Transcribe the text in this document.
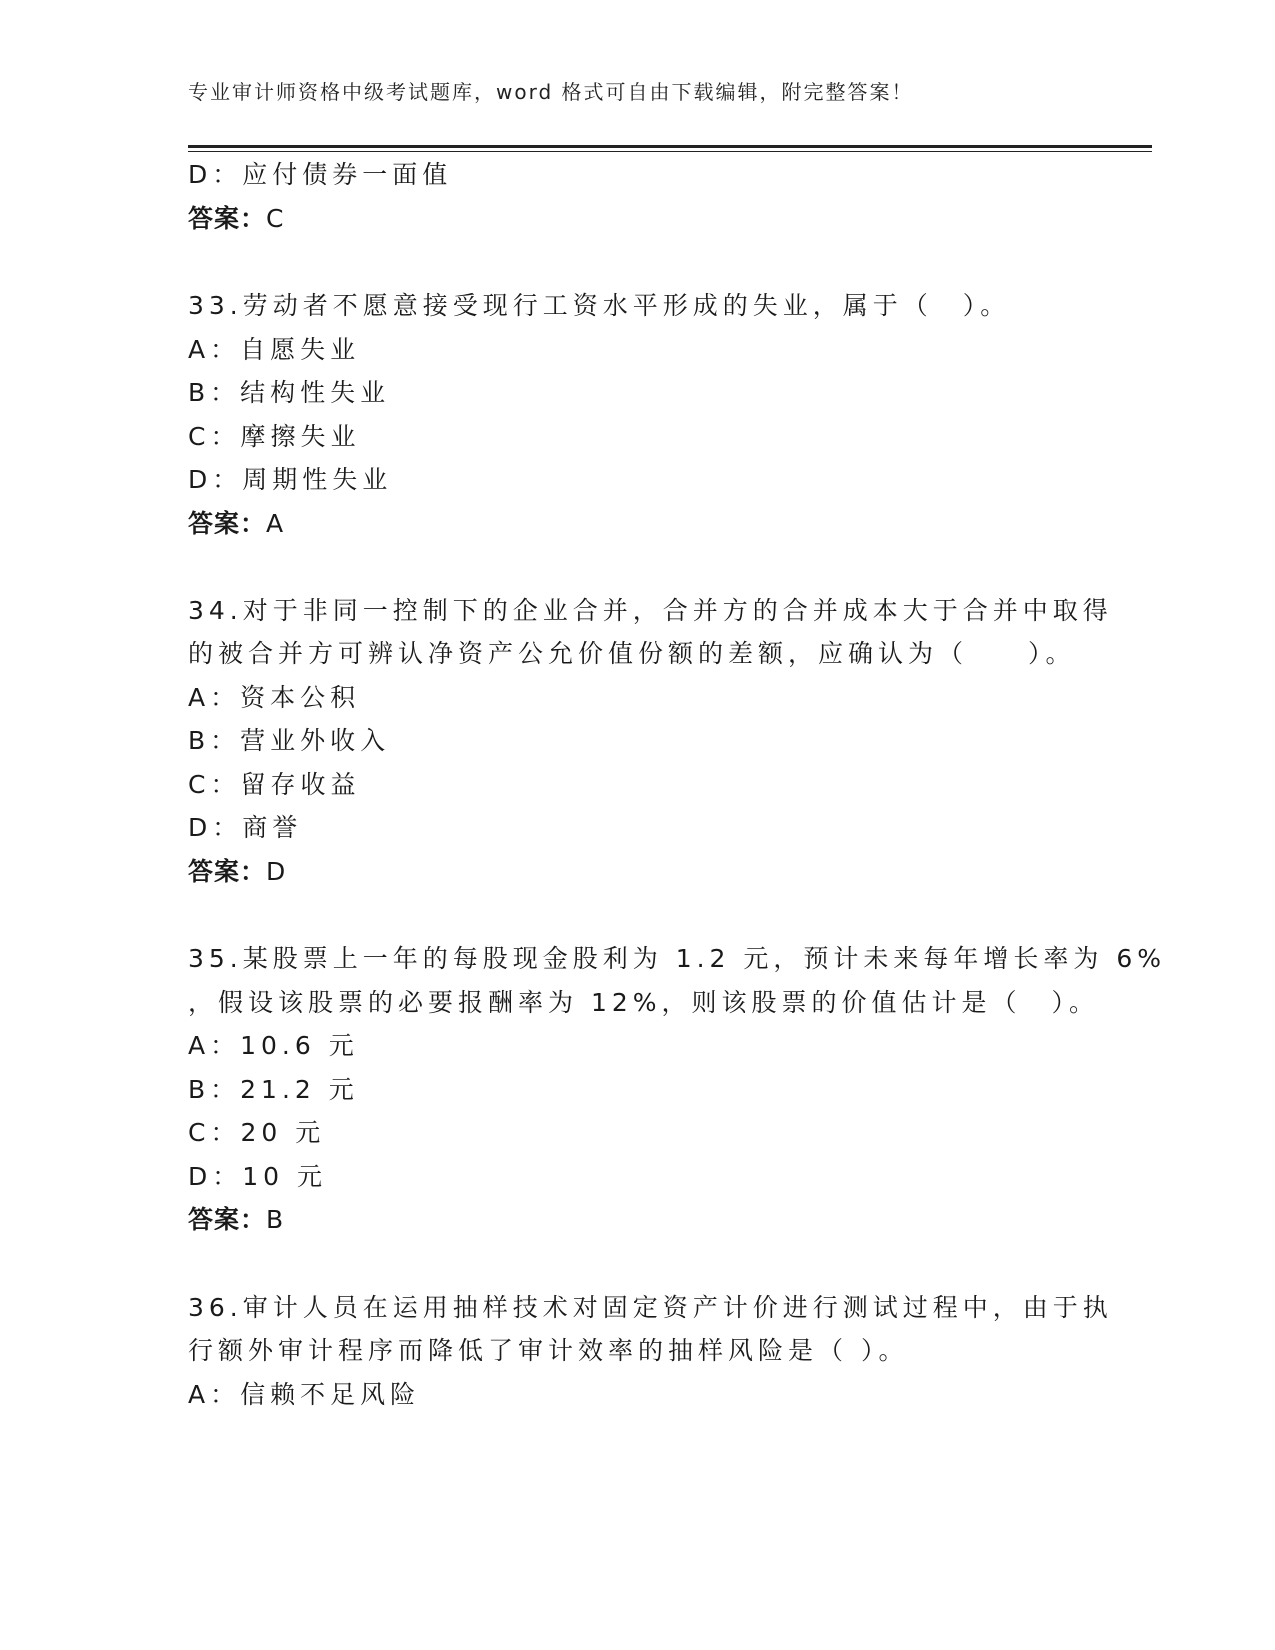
专业审计师资格中级考试题库，word 格式可自由下载编辑，附完整答案！
D：应付债券一面值
答案：C
33.劳动者不愿意接受现行工资水平形成的失业，属于（　）。
A：自愿失业
B：结构性失业
C：摩擦失业
D：周期性失业
答案：A
34.对于非同一控制下的企业合并，合并方的合并成本大于合并中取得
的被合并方可辨认净资产公允价值份额的差额，应确认为（　　）。
A：资本公积
B：营业外收入
C：留存收益
D：商誉
答案：D
35.某股票上一年的每股现金股利为 1.2 元，预计未来每年增长率为 6%
，假设该股票的必要报酬率为 12%，则该股票的价值估计是（　）。
A：10.6 元
B：21.2 元
C：20 元
D：10 元
答案：B
36.审计人员在运用抽样技术对固定资产计价进行测试过程中，由于执
行额外审计程序而降低了审计效率的抽样风险是（ ）。
A：信赖不足风险
